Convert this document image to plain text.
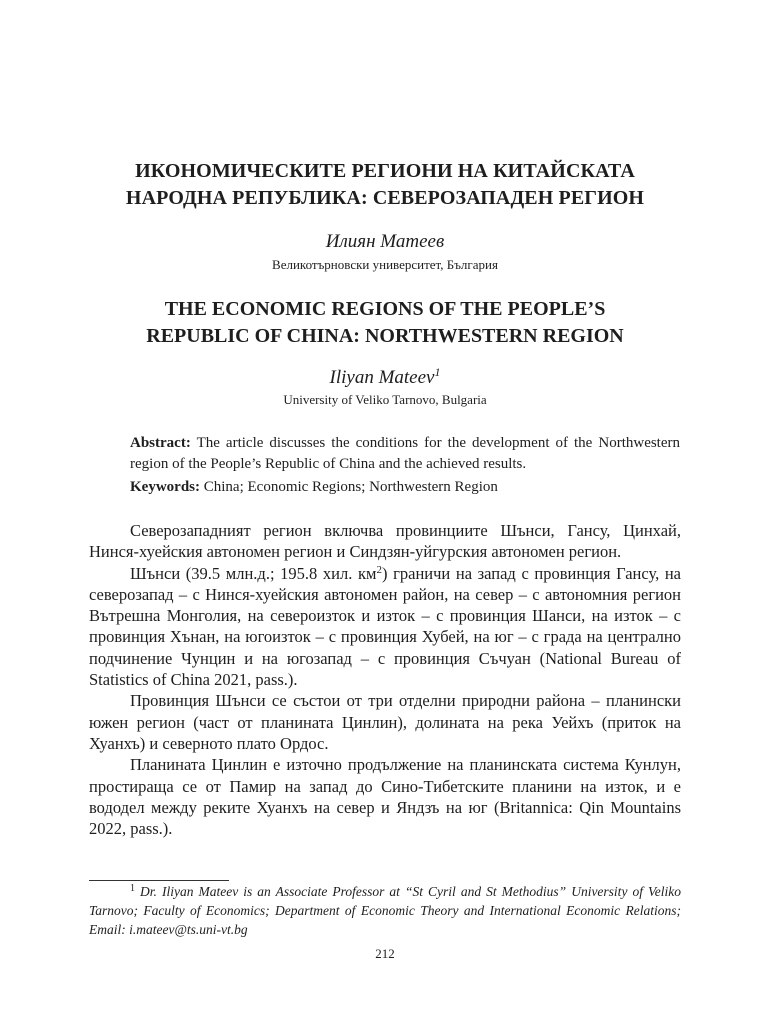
ИКОНОМИЧЕСКИТЕ РЕГИОНИ НА КИТАЙСКАТА
НАРОДНА РЕПУБЛИКА: СЕВЕРОЗАПАДЕН РЕГИОН
Илиян Матеев
Великотърновски университет, България
THE ECONOMIC REGIONS OF THE PEOPLE’S
REPUBLIC OF CHINA: NORTHWESTERN REGION
Iliyan Mateev$^1$
University of Veliko Tarnovo, Bulgaria
Abstract: The article discusses the conditions for the development of the Northwestern region of the People’s Republic of China and the achieved results.
Keywords: China; Economic Regions; Northwestern Region

Северозападният регион включва провинциите Шънси, Гансу, Цинхай, Нинся-хуейския автономен регион и Синдзян-уйгурския автономен регион.

Шънси (39.5 млн.д.; 195.8 хил. $км^2$) граничи на запад с провинция Гансу, на северозапад – с Нинся-хуейския автономен район, на север – с автономния регион Вътрешна Монголия, на североизток и изток – с провинция Шанси, на изток – с провинция Хънан, на югоизток – с провинция Хубей, на юг – с града на централно подчинение Чунцин и на югозапад – с провинция Съчуан (National Bureau of Statistics of China 2021, pass.).

Провинция Шънси се състои от три отделни природни района – планински южен регион (част от планината Цинлин), долината на река Уейхъ (приток на Хуанхъ) и северното плато Ордос.

Планината Цинлин е източно продължение на планинската система Кунлун, простираща се от Памир на запад до Сино-Тибетските планини на изток, и е вододел между реките Хуанхъ на север и Яндзъ на юг (Britannica: Qin Mountains 2022, pass.).

$^1$ Dr. Iliyan Mateev is an Associate Professor at “St Cyril and St Methodius” University of Veliko Tarnovo; Faculty of Economics; Department of Economic Theory and International Economic Relations; Email: i.mateev@ts.uni-vt.bg
212
